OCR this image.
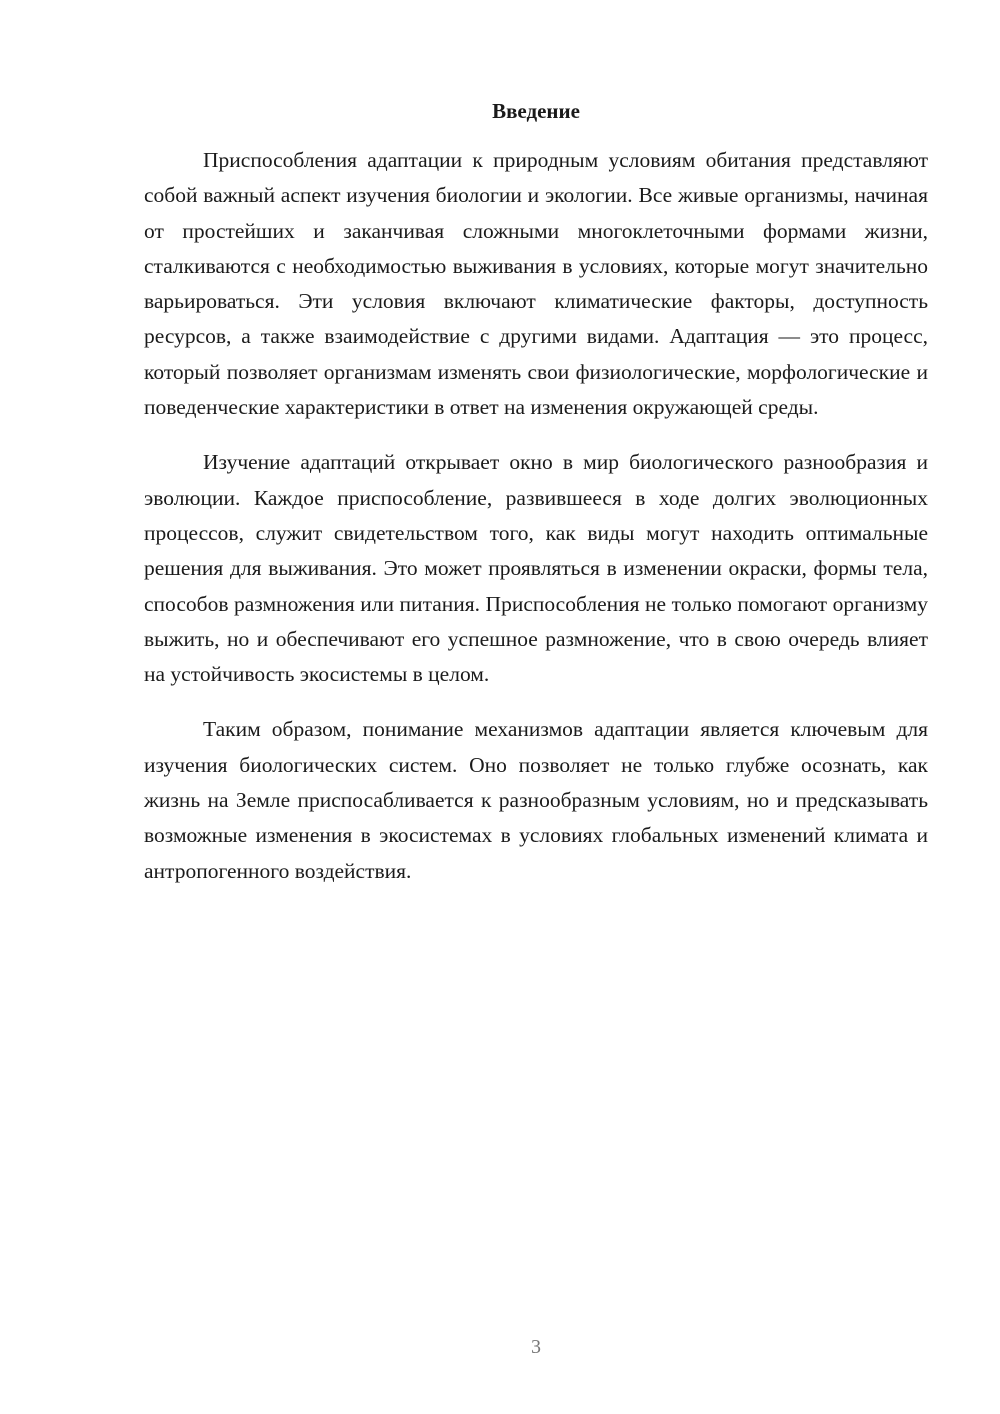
Введение

Приспособления адаптации к природным условиям обитания представляют собой важный аспект изучения биологии и экологии. Все живые организмы, начиная от простейших и заканчивая сложными многоклеточными формами жизни, сталкиваются с необходимостью выживания в условиях, которые могут значительно варьироваться. Эти условия включают климатические факторы, доступность ресурсов, а также взаимодействие с другими видами. Адаптация — это процесс, который позволяет организмам изменять свои физиологические, морфологические и поведенческие характеристики в ответ на изменения окружающей среды.

Изучение адаптаций открывает окно в мир биологического разнообразия и эволюции. Каждое приспособление, развившееся в ходе долгих эволюционных процессов, служит свидетельством того, как виды могут находить оптимальные решения для выживания. Это может проявляться в изменении окраски, формы тела, способов размножения или питания. Приспособления не только помогают организму выжить, но и обеспечивают его успешное размножение, что в свою очередь влияет на устойчивость экосистемы в целом.

Таким образом, понимание механизмов адаптации является ключевым для изучения биологических систем. Оно позволяет не только глубже осознать, как жизнь на Земле приспосабливается к разнообразным условиям, но и предсказывать возможные изменения в экосистемах в условиях глобальных изменений климата и антропогенного воздействия.

3
